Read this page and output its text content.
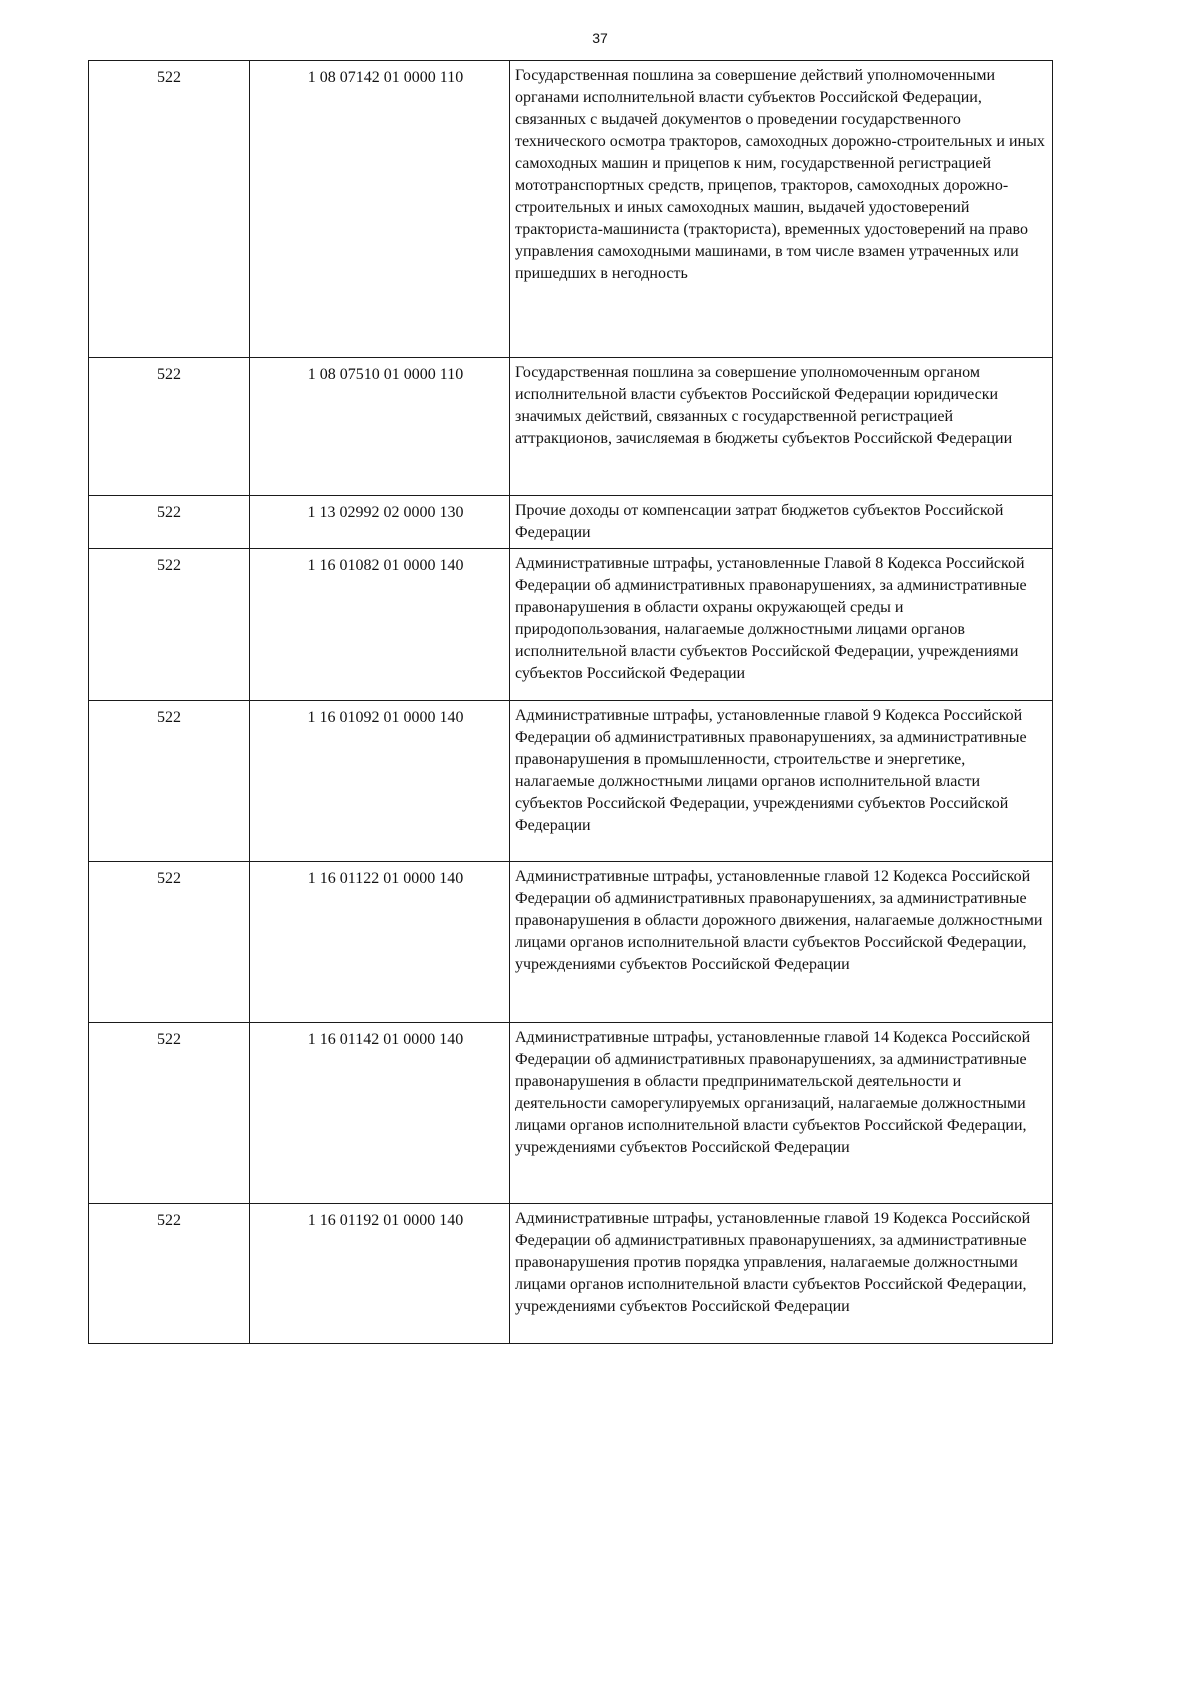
37
522	1 08 07142 01 0000 110	Государственная пошлина за совершение действий уполномоченными органами исполнительной власти субъектов Российской Федерации, связанных с выдачей документов о проведении государственного технического осмотра тракторов, самоходных дорожно-строительных и иных самоходных машин и прицепов к ним, государственной регистрацией мототранспортных средств, прицепов, тракторов, самоходных дорожно-строительных и иных самоходных машин, выдачей удостоверений тракториста-машиниста (тракториста), временных удостоверений на право управления самоходными машинами, в том числе взамен утраченных или пришедших в негодность
522	1 08 07510 01 0000 110	Государственная пошлина за совершение уполномоченным органом исполнительной власти субъектов Российской Федерации юридически значимых действий, связанных с государственной регистрацией аттракционов, зачисляемая в бюджеты субъектов Российской Федерации
522	1 13 02992 02 0000 130	Прочие доходы от компенсации затрат бюджетов субъектов Российской Федерации
522	1 16 01082 01 0000 140	Административные штрафы, установленные Главой 8 Кодекса Российской Федерации об административных правонарушениях, за административные правонарушения в области охраны окружающей среды и природопользования, налагаемые должностными лицами органов исполнительной власти субъектов Российской Федерации, учреждениями субъектов Российской Федерации
522	1 16 01092 01 0000 140	Административные штрафы, установленные главой 9 Кодекса Российской Федерации об административных правонарушениях, за административные правонарушения в промышленности, строительстве и энергетике, налагаемые должностными лицами органов исполнительной власти субъектов Российской Федерации, учреждениями субъектов Российской Федерации
522	1 16 01122 01 0000 140	Административные штрафы, установленные главой 12 Кодекса Российской Федерации об административных правонарушениях, за административные правонарушения в области дорожного движения, налагаемые должностными лицами органов исполнительной власти субъектов Российской Федерации, учреждениями субъектов Российской Федерации
522	1 16 01142 01 0000 140	Административные штрафы, установленные главой 14 Кодекса Российской Федерации об административных правонарушениях, за административные правонарушения в области предпринимательской деятельности и деятельности саморегулируемых организаций, налагаемые должностными лицами органов исполнительной власти субъектов Российской Федерации, учреждениями субъектов Российской Федерации
522	1 16 01192 01 0000 140	Административные штрафы, установленные главой 19 Кодекса Российской Федерации об административных правонарушениях, за административные правонарушения против порядка управления, налагаемые должностными лицами органов исполнительной власти субъектов Российской Федерации, учреждениями субъектов Российской Федерации
